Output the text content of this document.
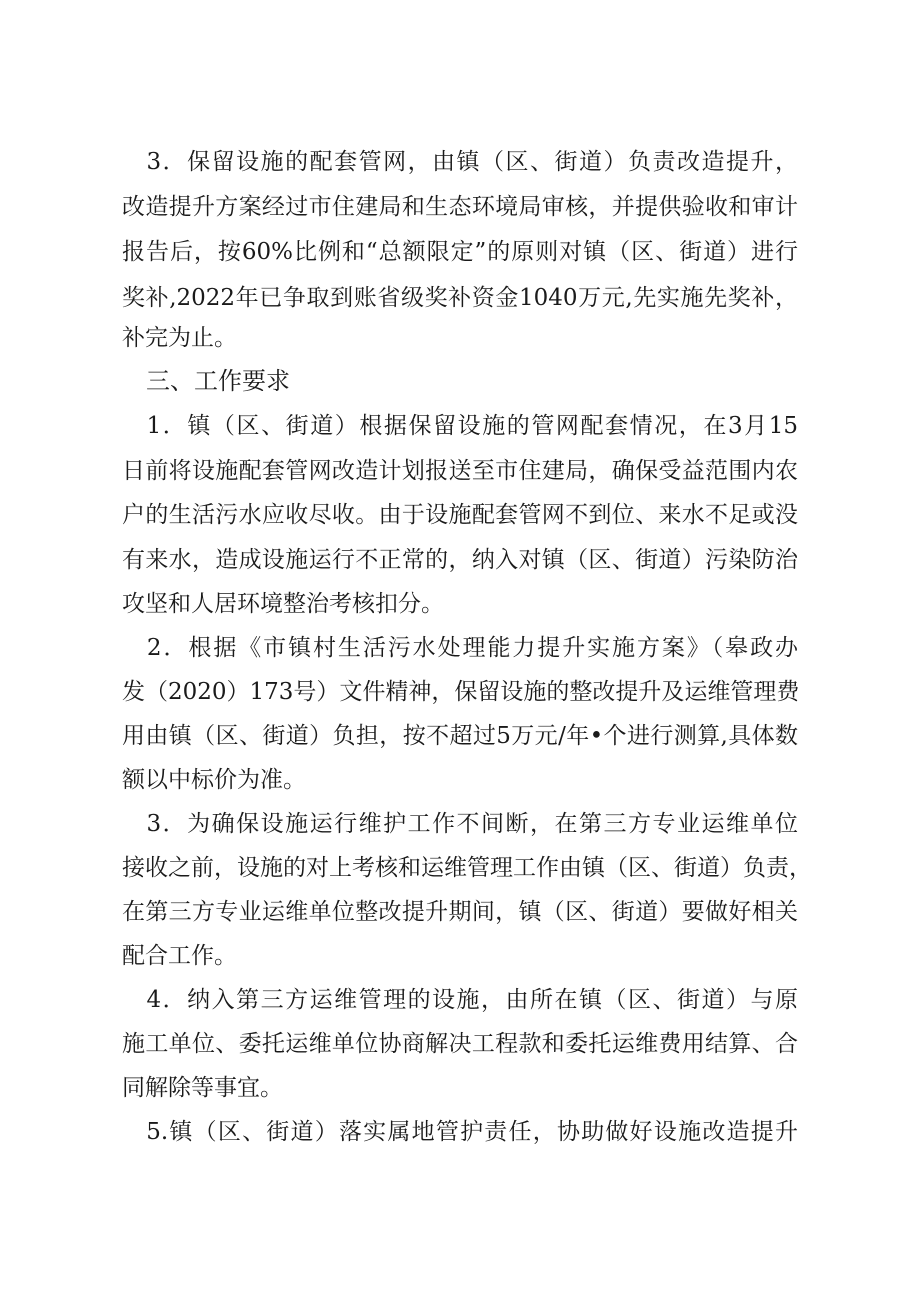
　3．保留设施的配套管网，由镇（区、街道）负责改造提升，

改造提升方案经过市住建局和生态环境局审核，并提供验收和审计

报告后，按60%比例和“总额限定”的原则对镇（区、街道）进行

奖补,2022年已争取到账省级奖补资金1040万元,先实施先奖补，

补完为止。

　三、工作要求

　1．镇（区、街道）根据保留设施的管网配套情况，在3月15

日前将设施配套管网改造计划报送至市住建局，确保受益范围内农

户的生活污水应收尽收。由于设施配套管网不到位、来水不足或没

有来水，造成设施运行不正常的，纳入对镇（区、街道）污染防治

攻坚和人居环境整治考核扣分。

　2．根据《市镇村生活污水处理能力提升实施方案》（皋政办

发（2020）173号）文件精神，保留设施的整改提升及运维管理费

用由镇（区、街道）负担，按不超过5万元/年•个进行测算,具体数

额以中标价为准。

　3．为确保设施运行维护工作不间断，在第三方专业运维单位

接收之前，设施的对上考核和运维管理工作由镇（区、街道）负责，

在第三方专业运维单位整改提升期间，镇（区、街道）要做好相关

配合工作。

　4．纳入第三方运维管理的设施，由所在镇（区、街道）与原

施工单位、委托运维单位协商解决工程款和委托运维费用结算、合

同解除等事宜。

　5.镇（区、街道）落实属地管护责任，协助做好设施改造提升
